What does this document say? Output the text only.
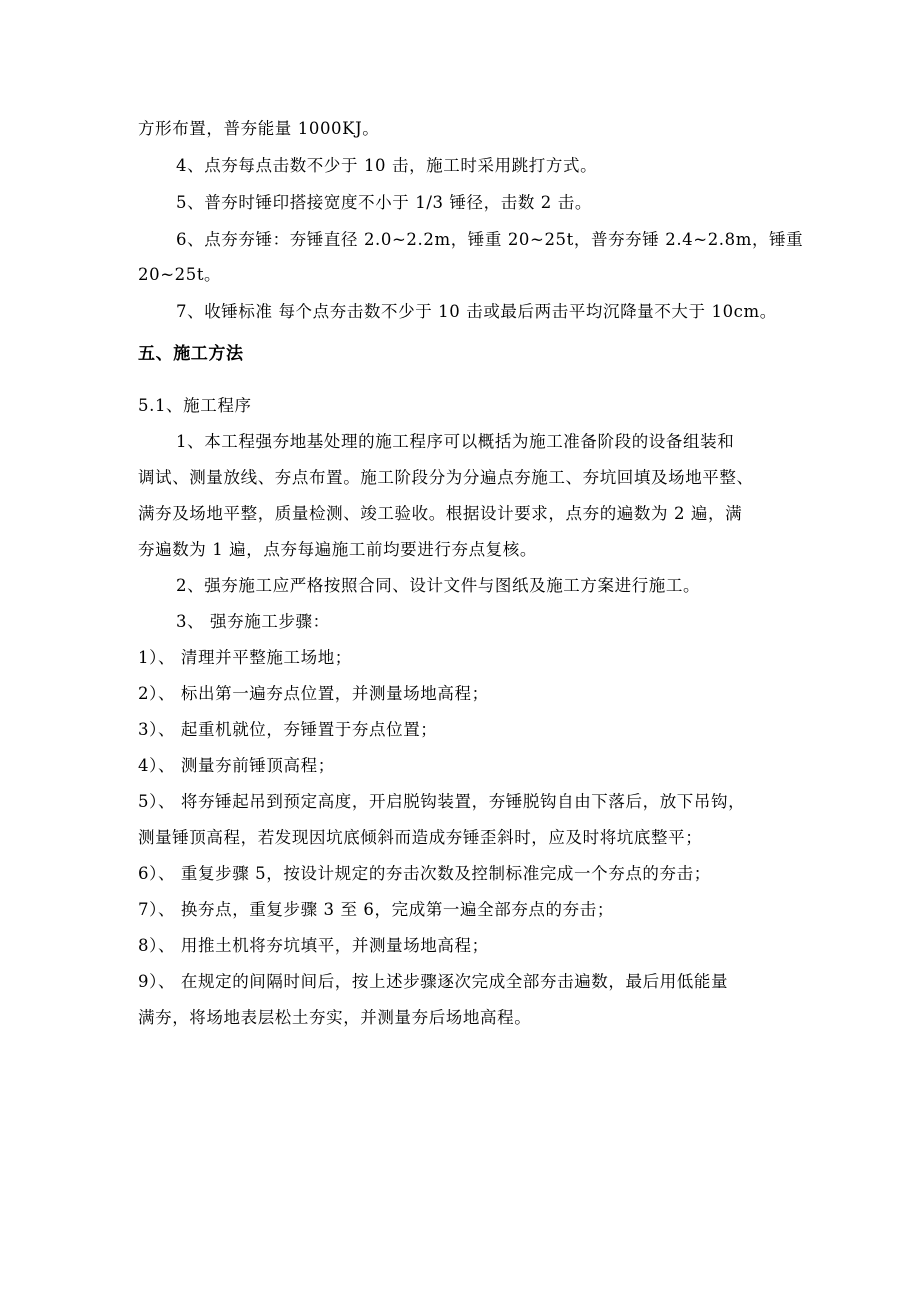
方形布置，普夯能量 1000KJ。
4、点夯每点击数不少于 10 击，施工时采用跳打方式。
5、普夯时锤印搭接宽度不小于 1/3 锤径，击数 2 击。
6、点夯夯锤：夯锤直径 2.0~2.2m，锤重 20~25t，普夯夯锤 2.4~2.8m，锤重
20~25t。
7、收锤标准 每个点夯击数不少于 10 击或最后两击平均沉降量不大于 10cm。
五、施工方法
5.1、施工程序
1、本工程强夯地基处理的施工程序可以概括为施工准备阶段的设备组装和
调试、测量放线、夯点布置。施工阶段分为分遍点夯施工、夯坑回填及场地平整、
满夯及场地平整，质量检测、竣工验收。根据设计要求，点夯的遍数为 2 遍，满
夯遍数为 1 遍，点夯每遍施工前均要进行夯点复核。
2、强夯施工应严格按照合同、设计文件与图纸及施工方案进行施工。
3、 强夯施工步骤：
1）、 清理并平整施工场地；
2）、 标出第一遍夯点位置，并测量场地高程；
3）、 起重机就位，夯锤置于夯点位置；
4）、 测量夯前锤顶高程；
5）、 将夯锤起吊到预定高度，开启脱钩装置，夯锤脱钩自由下落后，放下吊钩，
测量锤顶高程，若发现因坑底倾斜而造成夯锤歪斜时，应及时将坑底整平；
6）、 重复步骤 5，按设计规定的夯击次数及控制标准完成一个夯点的夯击；
7）、 换夯点，重复步骤 3 至 6，完成第一遍全部夯点的夯击；
8）、 用推土机将夯坑填平，并测量场地高程；
9）、 在规定的间隔时间后，按上述步骤逐次完成全部夯击遍数，最后用低能量
满夯，将场地表层松土夯实，并测量夯后场地高程。
